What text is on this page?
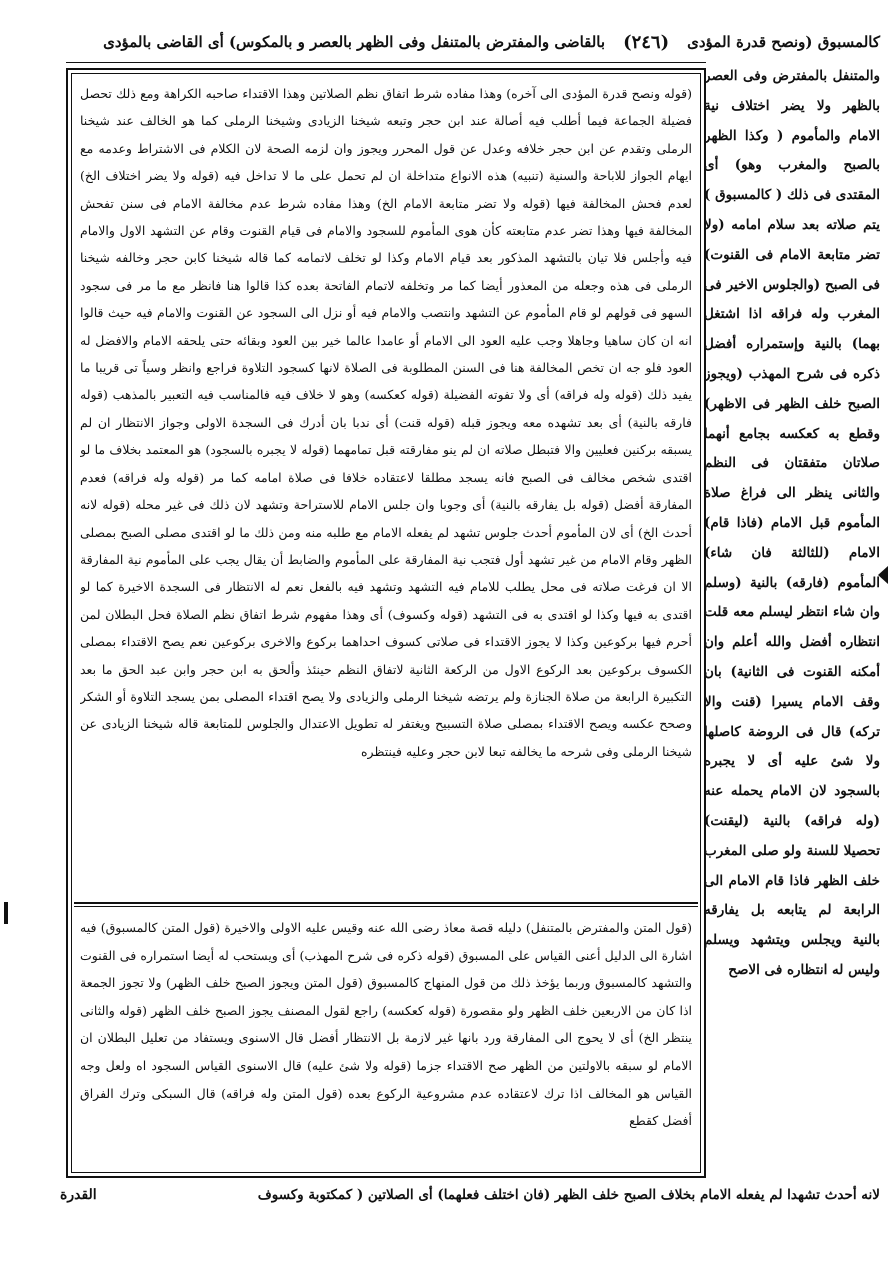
كالمسبوق (ونصح قدرة المؤدى
(٢٤٦)
بالقاضى والمفترض بالمتنفل وفى الظهر بالعصر و بالمكوس) أى القاضى بالمؤدى

والمتنفل بالمفترض وفى العصر بالظهر ولا يضر اختلاف نية الامام والمأموم ( وكذا الظهر بالصبح والمغرب وهو) أى المقتدى فى ذلك ( كالمسبوق ) يتم صلاته بعد سلام امامه (ولا تضر متابعة الامام فى القنوت) فى الصبح (والجلوس الاخير فى المغرب وله فراقه اذا اشتغل بهما) بالنية وإستمراره أفضل ذكره فى شرح المهذب (ويجوز الصبح خلف الظهر فى الاظهر) وقطع به كعكسه بجامع أنهما صلاتان متفقتان فى النظم والثانى ينظر الى فراغ صلاة المأموم قبل الامام (فاذا قام) الامام (للثالثة فان شاء) المأموم (فارقه) بالنية (وسلم وان شاء انتظر ليسلم معه قلت انتظاره أفضل والله أعلم وان أمكنه القنوت فى الثانية) بان وقف الامام يسيرا (قنت والا تركه) قال فى الروضة كاصلها ولا شئ عليه أى لا يجبره بالسجود لان الامام يحمله عنه (وله فراقه) بالنية (ليقنت) تحصيلا للسنة ولو صلى المغرب خلف الظهر فاذا قام الامام الى الرابعة لم يتابعه بل يفارقه بالنية ويجلس ويتشهد ويسلم وليس له انتظاره فى الاصح

(قوله ونصح قدرة المؤدى الى آخره) وهذا مفاده شرط اتفاق نظم الصلاتين وهذا الاقتداء صاحبه الكراهة ومع ذلك تحصل فضيلة الجماعة فيما أطلب فيه أصالة عند ابن حجر وتبعه شيخنا الزيادى وشيخنا الرملى كما هو الخالف عند شيخنا الرملى وتقدم عن ابن حجر خلافه وعدل عن قول المحرر ويجوز وان لزمه الصحة لان الكلام فى الاشتراط وعدمه مع ايهام الجواز للاباحة والسنية (تنبيه) هذه الانواع متداخلة ان لم تحمل على ما لا تداخل فيه (قوله ولا يضر اختلاف الخ) لعدم فحش المخالفة فيها (قوله ولا تضر متابعة الامام الخ) وهذا مفاده شرط عدم مخالفة الامام فى سنن تفحش المخالفة فيها وهذا تضر عدم متابعته كأن هوى المأموم للسجود والامام فى قيام القنوت وقام عن التشهد الاول والامام فيه وأجلس فلا تيان بالتشهد المذكور بعد قيام الامام وكذا لو تخلف لاتمامه كما قاله شيخنا كابن حجر وخالفه شيخنا الرملى فى هذه وجعله من المعذور أيضا كما مر وتخلفه لاتمام الفاتحة بعده كذا قالوا هنا فانظر مع ما مر فى سجود السهو فى قولهم لو قام المأموم عن التشهد وانتصب والامام فيه أو نزل الى السجود عن القنوت والامام فيه حيث قالوا انه ان كان ساهيا وجاهلا وجب عليه العود الى الامام أو عامدا عالما خير بين العود وبقائه حتى يلحقه الامام والافضل له العود فلو جه ان تخص المخالفة هنا فى السنن المطلوبة فى الصلاة لانها كسجود التلاوة فراجع وانظر وسياً تى قريبا ما يفيد ذلك (قوله وله فراقه) أى ولا تفوته الفضيلة (قوله كعكسه) وهو لا خلاف فيه فالمناسب فيه التعبير بالمذهب (قوله فارقه بالنية) أى بعد تشهده معه ويجوز قبله (قوله قنت) أى ندبا بان أدرك فى السجدة الاولى وجواز الانتظار ان لم يسبقه بركنين فعليين والا فتبطل صلاته ان لم ينو مفارقته قبل تمامهما (قوله لا يجبره بالسجود) هو المعتمد بخلاف ما لو اقتدى شخص مخالف فى الصبح فانه يسجد مطلقا لاعتقاده خلافا فى صلاة امامه كما مر (قوله وله فراقه) فعدم المفارقة أفضل (قوله بل يفارقه بالنية) أى وجوبا وان جلس الامام للاستراحة وتشهد لان ذلك فى غير محله (قوله لانه أحدث الخ) أى لان المأموم أحدث جلوس تشهد لم يفعله الامام مع طلبه منه ومن ذلك ما لو اقتدى مصلى الصبح بمصلى الظهر وقام الامام من غير تشهد أول فتجب نية المفارقة على المأموم والضابط أن يقال يجب على المأموم نية المفارقة الا ان فرغت صلاته فى محل يطلب للامام فيه التشهد وتشهد فيه بالفعل نعم له الانتظار فى السجدة الاخيرة كما لو اقتدى به فيها وكذا لو اقتدى به فى التشهد (قوله وكسوف) أى وهذا مفهوم شرط اتفاق نظم الصلاة فحل البطلان لمن أحرم فيها بركوعين وكذا لا يجوز الاقتداء فى صلاتى كسوف احداهما بركوع والاخرى بركوعين نعم يصح الاقتداء بمصلى الكسوف بركوعين بعد الركوع الاول من الركعة الثانية لاتفاق النظم حينئذ وألحق به ابن حجر وابن عبد الحق ما بعد التكبيرة الرابعة من صلاة الجنازة ولم يرتضه شيخنا الرملى والزيادى ولا يصح اقتداء المصلى بمن يسجد التلاوة أو الشكر وصحح عكسه ويصح الاقتداء بمصلى صلاة التسبيح ويغتفر له تطويل الاعتدال والجلوس للمتابعة قاله شيخنا الزيادى عن شيخنا الرملى وفى شرحه ما يخالفه تبعا لابن حجر وعليه فينتظره

(قول المتن والمفترض بالمتنفل) دليله قصة معاذ رضى الله عنه وقيس عليه الاولى والاخيرة (قول المتن كالمسبوق) فيه اشارة الى الدليل أعنى القياس على المسبوق (قوله ذكره فى شرح المهذب) أى ويستحب له أيضا استمراره فى القنوت والتشهد كالمسبوق وربما يؤخذ ذلك من قول المنهاج كالمسبوق (قول المتن ويجوز الصبح خلف الظهر) ولا تجوز الجمعة اذا كان من الاربعين خلف الظهر ولو مقصورة (قوله كعكسه) راجع لقول المصنف يجوز الصبح خلف الظهر (قوله والثانى ينتظر الخ) أى لا يحوج الى المفارقة ورد بانها غير لازمة بل الانتظار أفضل قال الاسنوى ويستفاد من تعليل البطلان ان الامام لو سبقه بالاولتين من الظهر صح الاقتداء جزما (قوله ولا شئ عليه) قال الاسنوى القياس السجود اه ولعل وجه القياس هو المخالف اذا ترك لاعتقاده عدم مشروعية الركوع بعده (قول المتن وله فراقه) قال السبكى وترك الفراق أفضل كقطع

لانه أحدث تشهدا لم يفعله الامام بخلاف الصبح خلف الظهر (فان اختلف فعلهما) أى الصلاتين ( كمكتوبة وكسوف
القدرة
